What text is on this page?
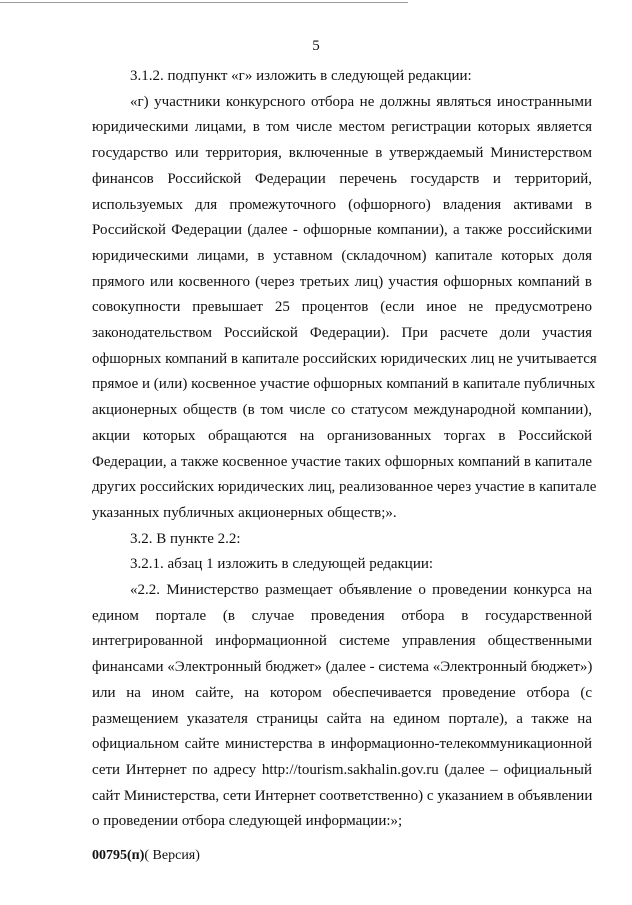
5
3.1.2. подпункт «г» изложить в следующей редакции:
«г) участники конкурсного отбора не должны являться иностранными
юридическими лицами, в том числе местом регистрации которых является
государство или территория, включенные в утверждаемый Министерством
финансов Российской Федерации перечень государств и территорий,
используемых для промежуточного (офшорного) владения активами в
Российской Федерации (далее - офшорные компании), а также российскими
юридическими лицами, в уставном (складочном) капитале которых доля
прямого или косвенного (через третьих лиц) участия офшорных компаний в
совокупности превышает 25 процентов (если иное не предусмотрено
законодательством Российской Федерации). При расчете доли участия
офшорных компаний в капитале российских юридических лиц не учитывается
прямое и (или) косвенное участие офшорных компаний в капитале публичных
акционерных обществ (в том числе со статусом международной компании),
акции которых обращаются на организованных торгах в Российской
Федерации, а также косвенное участие таких офшорных компаний в капитале
других российских юридических лиц, реализованное через участие в капитале
указанных публичных акционерных обществ;».
3.2. В пункте 2.2:
3.2.1. абзац 1 изложить в следующей редакции:
«2.2. Министерство размещает объявление о проведении конкурса на
едином портале (в случае проведения отбора в государственной
интегрированной информационной системе управления общественными
финансами «Электронный бюджет» (далее - система «Электронный бюджет»)
или на ином сайте, на котором обеспечивается проведение отбора (с
размещением указателя страницы сайта на едином портале), а также на
официальном сайте министерства в информационно-телекоммуникационной
сети Интернет по адресу http://tourism.sakhalin.gov.ru (далее – официальный
сайт Министерства, сети Интернет соответственно) с указанием в объявлении
о проведении отбора следующей информации:»;
00795(п)( Версия)
